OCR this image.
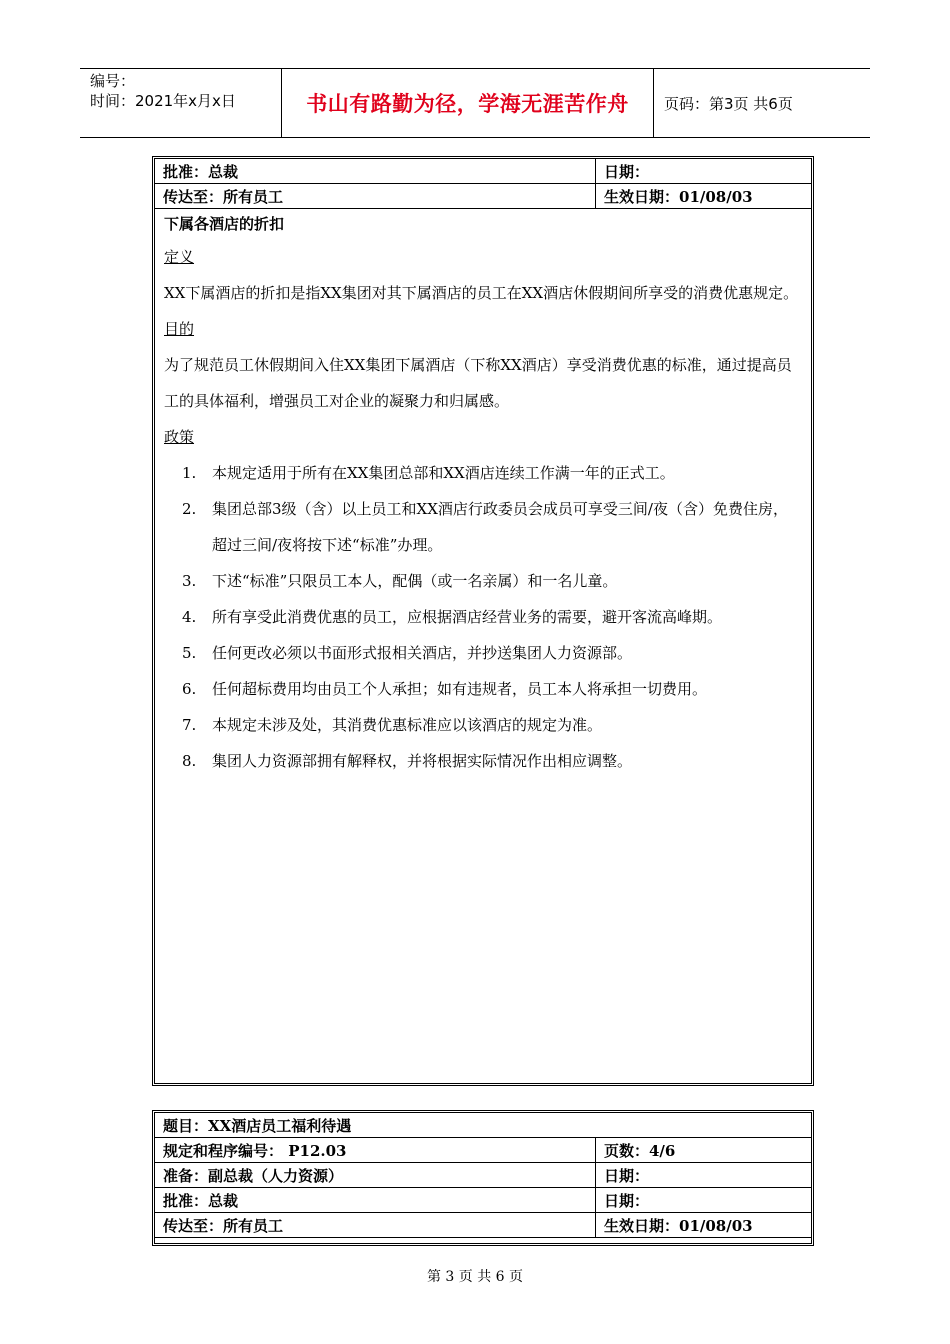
编号：
时间：2021年x月x日	书山有路勤为径，学海无涯苦作舟	页码：第3页 共6页
批准：总裁	日期：
传达至：所有员工	生效日期：01/08/03
下属各酒店的折扣
定义

XX下属酒店的折扣是指XX集团对其下属酒店的员工在XX酒店休假期间所享受的消费优惠规定。

目的

为了规范员工休假期间入住XX集团下属酒店（下称XX酒店）享受消费优惠的标准，通过提高员工的具体福利，增强员工对企业的凝聚力和归属感。

政策
1.	本规定适用于所有在XX集团总部和XX酒店连续工作满一年的正式工。
2.	集团总部3级（含）以上员工和XX酒店行政委员会成员可享受三间/夜（含）免费住房，超过三间/夜将按下述“标准”办理。
3.	下述“标准”只限员工本人，配偶（或一名亲属）和一名儿童。
4.	所有享受此消费优惠的员工，应根据酒店经营业务的需要，避开客流高峰期。
5.	任何更改必须以书面形式报相关酒店，并抄送集团人力资源部。
6.	任何超标费用均由员工个人承担；如有违规者，员工本人将承担一切费用。
7.	本规定未涉及处，其消费优惠标准应以该酒店的规定为准。
8.	集团人力资源部拥有解释权，并将根据实际情况作出相应调整。
题目：XX酒店员工福利待遇	
规定和程序编号： P12.03	页数：4/6
准备：副总裁（人力资源）	日期：
批准：总裁	日期：
传达至：所有员工	生效日期：01/08/03
第 3 页 共 6 页
